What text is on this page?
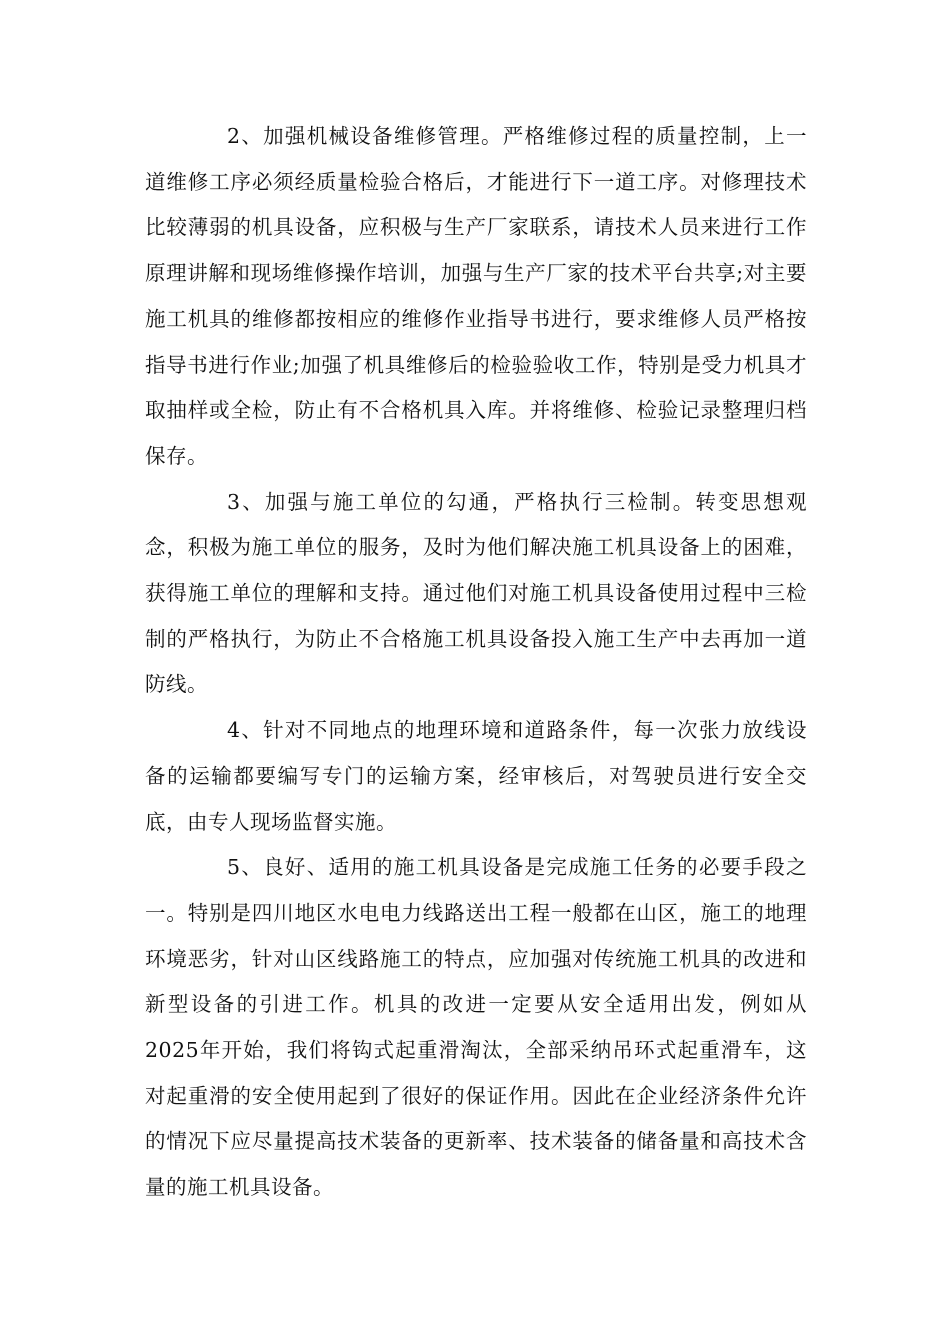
2、加强机械设备维修管理。严格维修过程的质量控制，上一道维修工序必须经质量检验合格后，才能进行下一道工序。对修理技术比较薄弱的机具设备，应积极与生产厂家联系，请技术人员来进行工作原理讲解和现场维修操作培训，加强与生产厂家的技术平台共享;对主要施工机具的维修都按相应的维修作业指导书进行，要求维修人员严格按指导书进行作业;加强了机具维修后的检验验收工作，特别是受力机具才取抽样或全检，防止有不合格机具入库。并将维修、检验记录整理归档保存。

3、加强与施工单位的勾通，严格执行三检制。转变思想观念，积极为施工单位的服务，及时为他们解决施工机具设备上的困难，获得施工单位的理解和支持。通过他们对施工机具设备使用过程中三检制的严格执行，为防止不合格施工机具设备投入施工生产中去再加一道防线。

4、针对不同地点的地理环境和道路条件，每一次张力放线设备的运输都要编写专门的运输方案，经审核后，对驾驶员进行安全交底，由专人现场监督实施。

5、良好、适用的施工机具设备是完成施工任务的必要手段之一。特别是四川地区水电电力线路送出工程一般都在山区，施工的地理环境恶劣，针对山区线路施工的特点，应加强对传统施工机具的改进和新型设备的引进工作。机具的改进一定要从安全适用出发，例如从2025年开始，我们将钩式起重滑淘汰，全部采纳吊环式起重滑车，这对起重滑的安全使用起到了很好的保证作用。因此在企业经济条件允许的情况下应尽量提高技术装备的更新率、技术装备的储备量和高技术含量的施工机具设备。
